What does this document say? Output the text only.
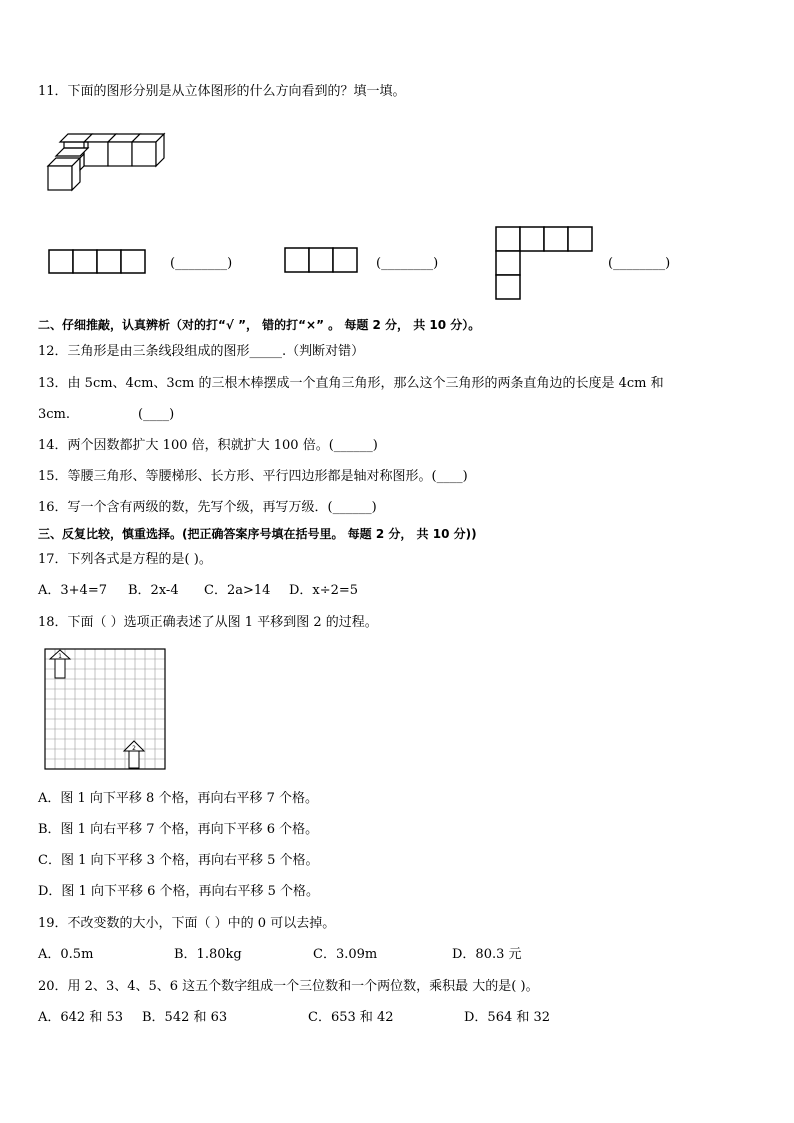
11．下面的图形分别是从立体图形的什么方向看到的？填一填。
(________)	(________)	(________)
二、仔细推敲，认真辨析（对的打“√ ”， 错的打“×” 。 每题 2 分， 共 10 分）。
12．三角形是由三条线段组成的图形_____.（判断对错）
13．由 5cm、4cm、3cm 的三根木棒摆成一个直角三角形，那么这个三角形的两条直角边的长度是 4cm 和
3cm.	(____)
14．两个因数都扩大 100 倍，积就扩大 100 倍。(______)
15．等腰三角形、等腰梯形、长方形、平行四边形都是轴对称图形。(____)
16．写一个含有两级的数，先写个级，再写万级．(______)
三、反复比较，慎重选择。(把正确答案序号填在括号里。 每题 2 分， 共 10 分))
17．下列各式是方程的是( )。
A．3+4=7 B．2x-4 C．2a>14 D．x÷2=5
18．下面（ ）选项正确表述了从图 1 平移到图 2 的过程。
1
2
A．图 1 向下平移 8 个格，再向右平移 7 个格。
B．图 1 向右平移 7 个格，再向下平移 6 个格。
C．图 1 向下平移 3 个格，再向右平移 5 个格。
D．图 1 向下平移 6 个格，再向右平移 5 个格。
19．不改变数的大小，下面（ ）中的 0 可以去掉。
A．0.5m	B．1.80kg	C．3.09m	D．80.3 元
20．用 2、3、4、5、6 这五个数字组成一个三位数和一个两位数，乘积最 大的是( )。
A．642 和 53 B．542 和 63	C．653 和 42	D．564 和 32
